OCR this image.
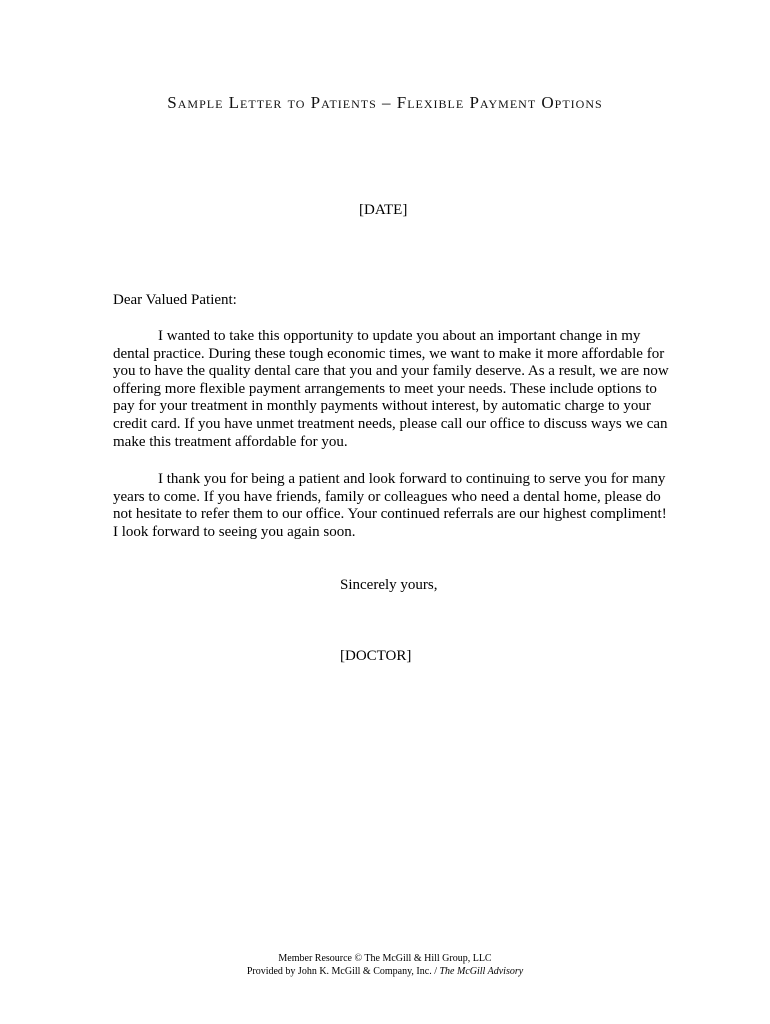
Sample Letter to Patients – Flexible Payment Options
[DATE]
Dear Valued Patient:
I wanted to take this opportunity to update you about an important change in my dental practice. During these tough economic times, we want to make it more affordable for you to have the quality dental care that you and your family deserve. As a result, we are now offering more flexible payment arrangements to meet your needs. These include options to pay for your treatment in monthly payments without interest, by automatic charge to your credit card. If you have unmet treatment needs, please call our office to discuss ways we can make this treatment affordable for you.
I thank you for being a patient and look forward to continuing to serve you for many years to come. If you have friends, family or colleagues who need a dental home, please do not hesitate to refer them to our office. Your continued referrals are our highest compliment! I look forward to seeing you again soon.
Sincerely yours,
[DOCTOR]
Member Resource © The McGill & Hill Group, LLC
Provided by John K. McGill & Company, Inc. / The McGill Advisory
